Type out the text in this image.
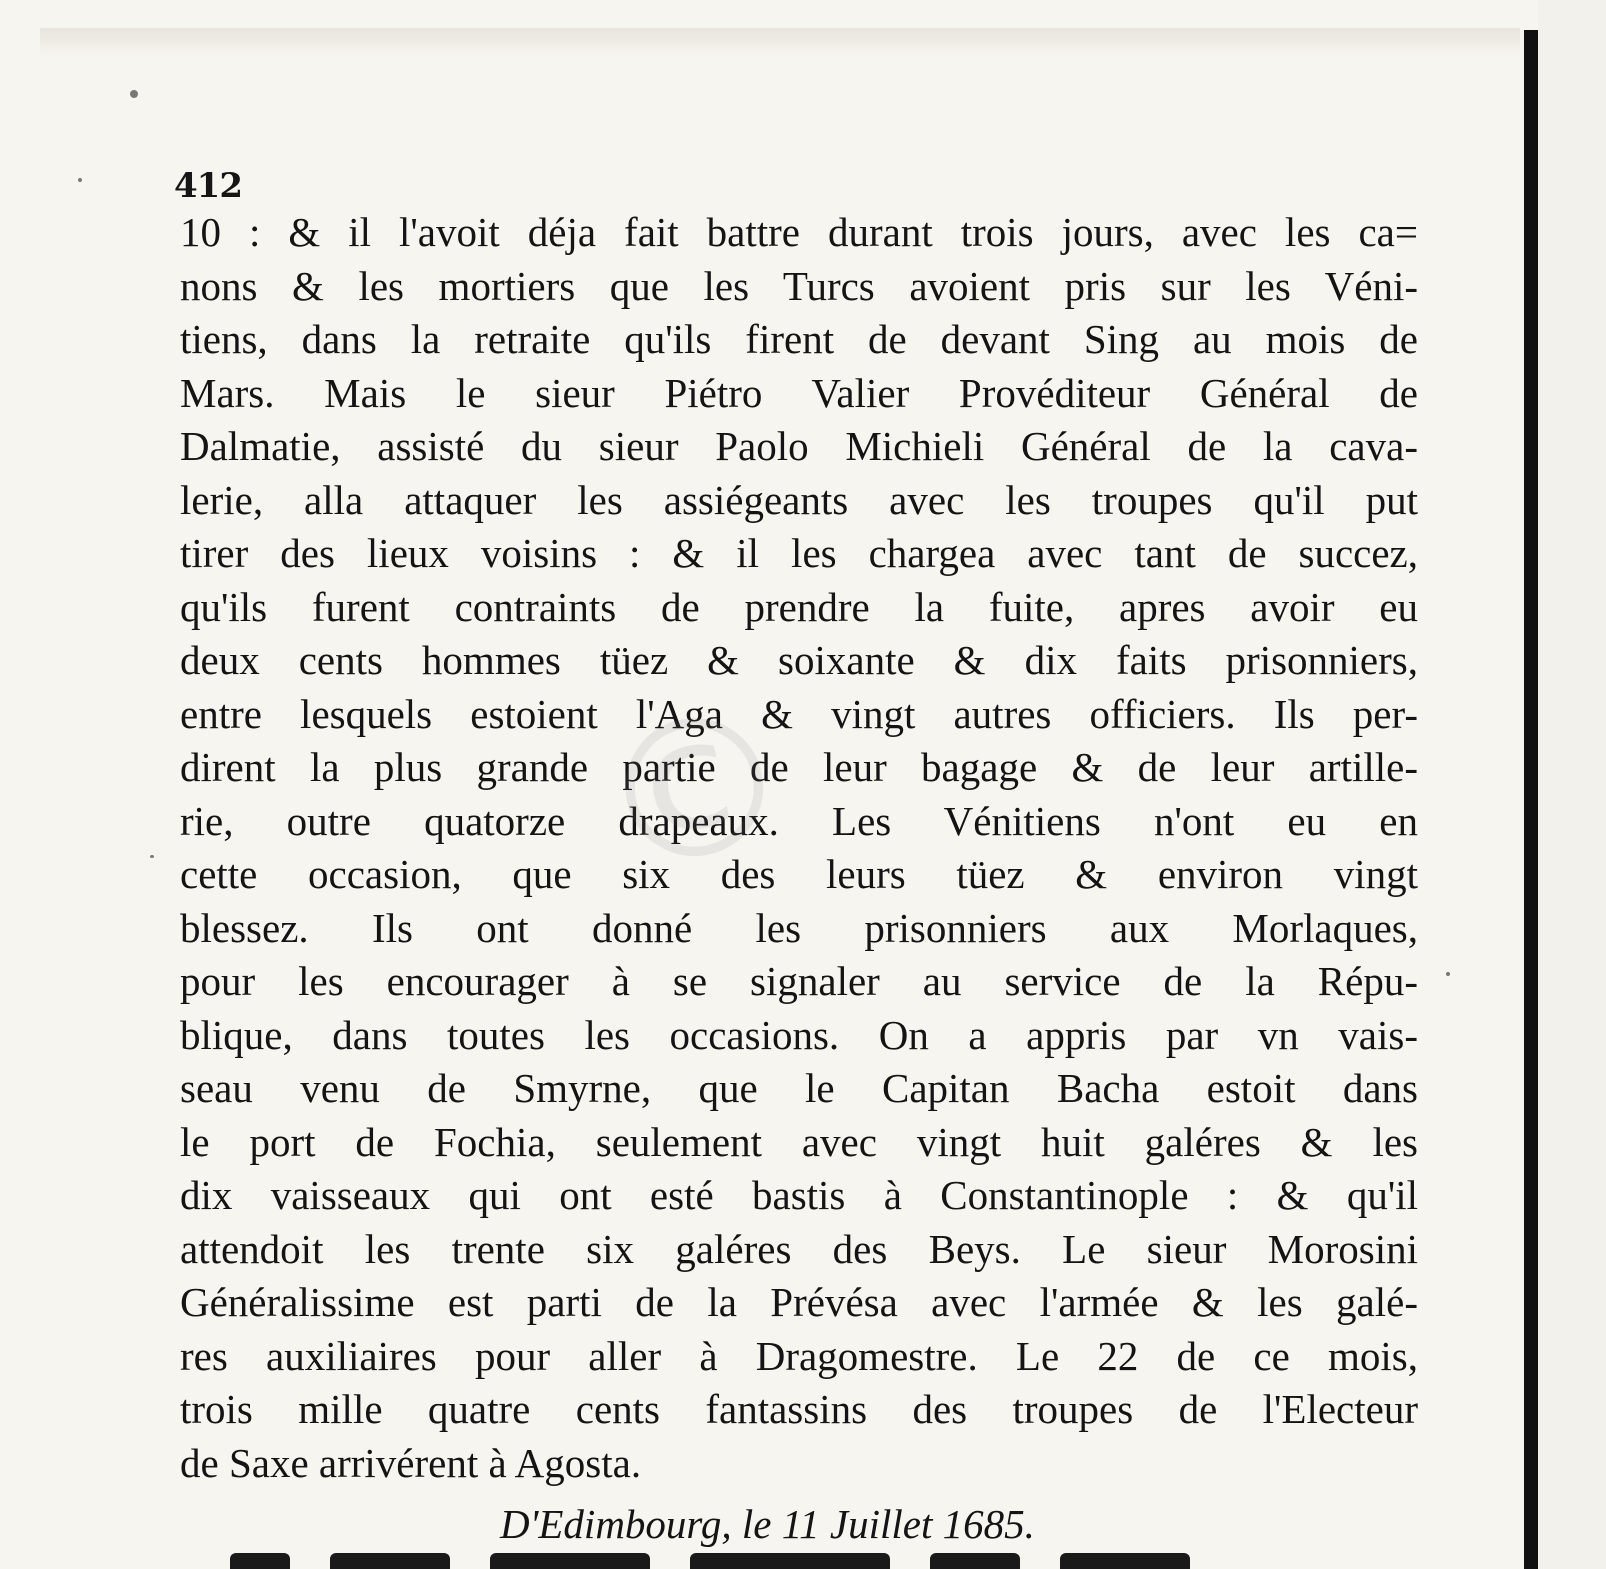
412
10 : & il l'avoit déja fait battre durant trois jours, avec les ca=
nons & les mortiers que les Turcs avoient pris sur les Véni-
tiens, dans la retraite qu'ils firent de devant Sing au mois de
Mars. Mais le sieur Piétro Valier Provéditeur Général de
Dalmatie, assisté du sieur Paolo Michieli Général de la cava-
lerie, alla attaquer les assiégeants avec les troupes qu'il put
tirer des lieux voisins : & il les chargea avec tant de succez,
qu'ils furent contraints de prendre la fuite, apres avoir eu
deux cents hommes tüez & soixante & dix faits prisonniers,
entre lesquels estoient l'Aga & vingt autres officiers. Ils per-
dirent la plus grande partie de leur bagage & de leur artille-
rie, outre quatorze drapeaux. Les Vénitiens n'ont eu en
cette occasion, que six des leurs tüez & environ vingt
blessez. Ils ont donné les prisonniers aux Morlaques,
pour les encourager à se signaler au service de la Répu-
blique, dans toutes les occasions. On a appris par vn vais-
seau venu de Smyrne, que le Capitan Bacha estoit dans
le port de Fochia, seulement avec vingt huit galéres & les
dix vaisseaux qui ont esté bastis à Constantinople : & qu'il
attendoit les trente six galéres des Beys. Le sieur Morosini
Généralissime est parti de la Prévésa avec l'armée & les galé-
res auxiliaires pour aller à Dragomestre. Le 22 de ce mois,
trois mille quatre cents fantassins des troupes de l'Electeur
de Saxe arrivérent à Agosta.
D'Edimbourg, le 11 Juillet 1685.
©
